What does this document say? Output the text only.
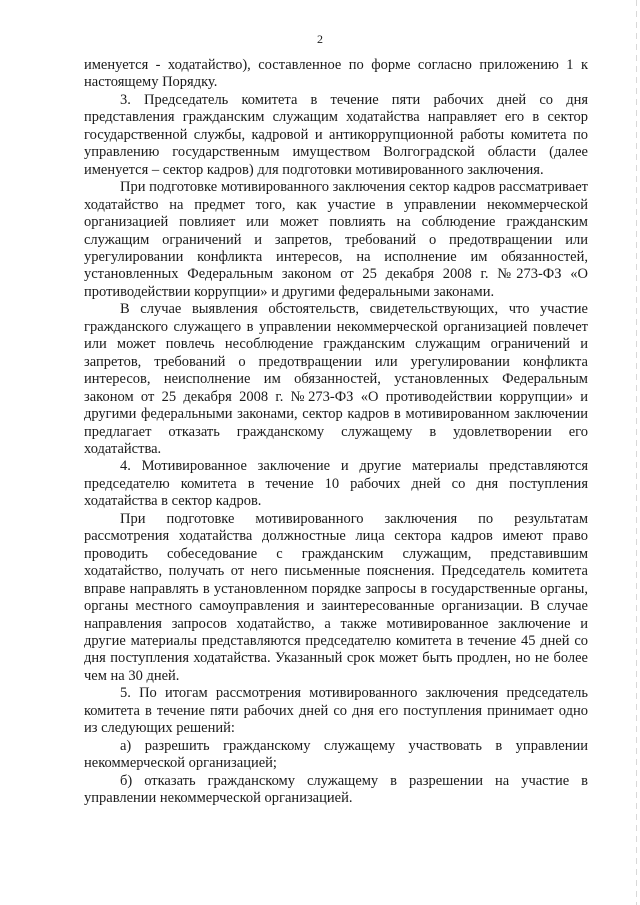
2

именуется - ходатайство), составленное по форме согласно приложению 1 к настоящему Порядку.

3. Председатель комитета в течение пяти рабочих дней со дня представления гражданским служащим ходатайства направляет его в сектор государственной службы, кадровой и антикоррупционной работы комитета по управлению государственным имуществом Волгоградской области (далее именуется – сектор кадров) для подготовки мотивированного заключения.

При подготовке мотивированного заключения сектор кадров рассматривает ходатайство на предмет того, как участие в управлении некоммерческой организацией повлияет или может повлиять на соблюдение гражданским служащим ограничений и запретов, требований о предотвращении или урегулировании конфликта интересов, на исполнение им обязанностей, установленных Федеральным законом от 25 декабря 2008 г. №273-ФЗ «О противодействии коррупции» и другими федеральными законами.

В случае выявления обстоятельств, свидетельствующих, что участие гражданского служащего в управлении некоммерческой организацией повлечет или может повлечь несоблюдение гражданским служащим ограничений и запретов, требований о предотвращении или урегулировании конфликта интересов, неисполнение им обязанностей, установленных Федеральным законом от 25 декабря 2008 г. №273-ФЗ «О противодействии коррупции» и другими федеральными законами, сектор кадров в мотивированном заключении предлагает отказать гражданскому служащему в удовлетворении его ходатайства.

4. Мотивированное заключение и другие материалы представляются председателю комитета в течение 10 рабочих дней со дня поступления ходатайства в сектор кадров.

При подготовке мотивированного заключения по результатам рассмотрения ходатайства должностные лица сектора кадров имеют право проводить собеседование с гражданским служащим, представившим ходатайство, получать от него письменные пояснения. Председатель комитета вправе направлять в установленном порядке запросы в государственные органы, органы местного самоуправления и заинтересованные организации. В случае направления запросов ходатайство, а также мотивированное заключение и другие материалы представляются председателю комитета в течение 45 дней со дня поступления ходатайства. Указанный срок может быть продлен, но не более чем на 30 дней.

5. По итогам рассмотрения мотивированного заключения председатель комитета в течение пяти рабочих дней со дня его поступления принимает одно из следующих решений:

а) разрешить гражданскому служащему участвовать в управлении некоммерческой организацией;

б) отказать гражданскому служащему в разрешении на участие в управлении некоммерческой организацией.
